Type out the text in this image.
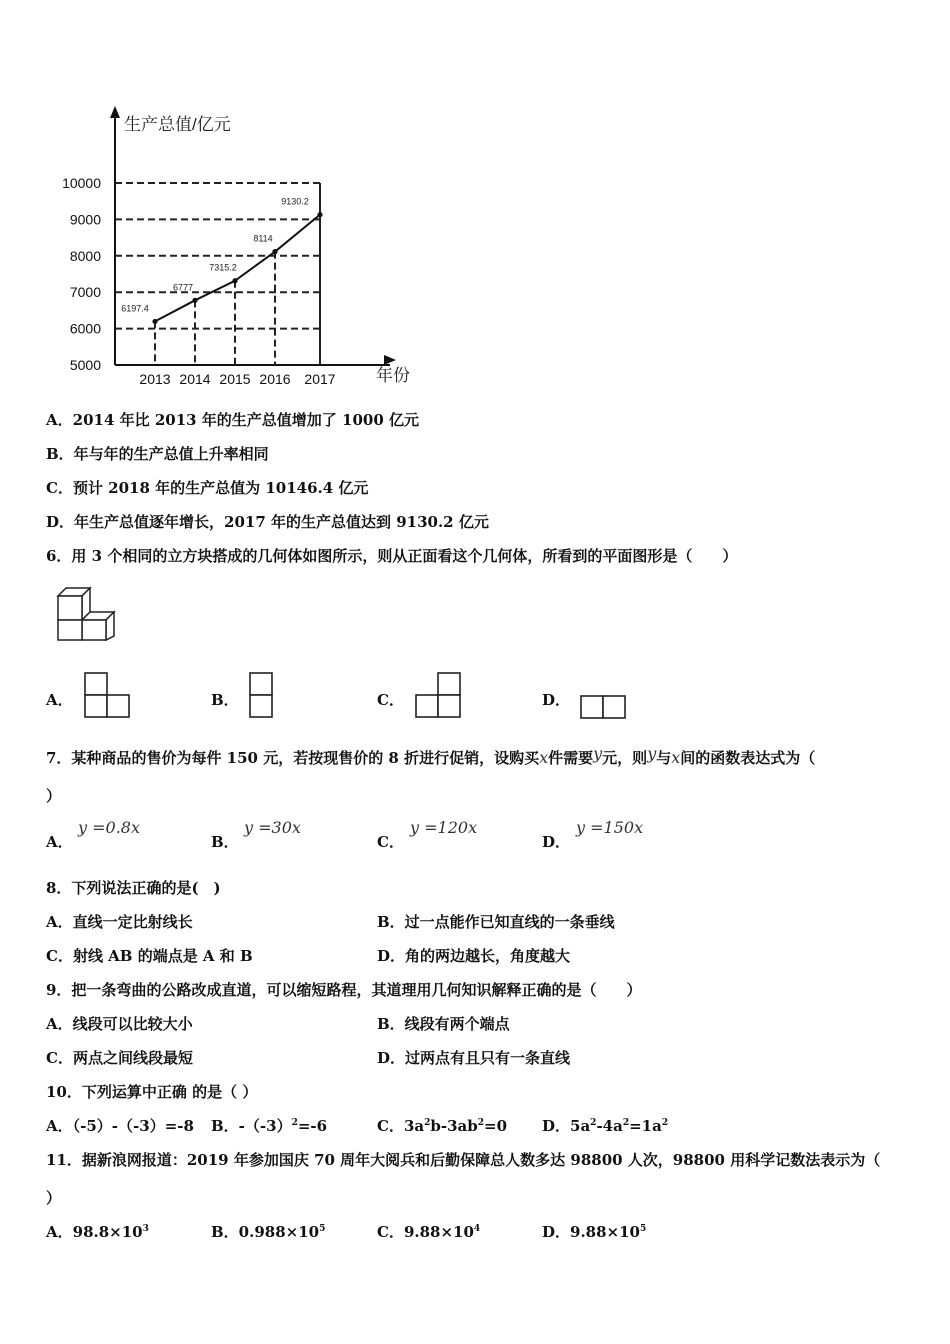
生产总值/亿元
年份
5000
6000
7000
8000
9000
10000
2013 2014 2015 2016 2017
6197.4
6777
7315.2
8114
9130.2
A．2014 年比 2013 年的生产总值增加了 1000 亿元
B．年与年的生产总值上升率相同
C．预计 2018 年的生产总值为 10146.4 亿元
D．年生产总值逐年增长，2017 年的生产总值达到 9130.2 亿元
6．用 3 个相同的立方块搭成的几何体如图所示，则从正面看这个几何体，所看到的平面图形是（　　）
A．	B．	C．	D．
7．某种商品的售价为每件 150 元，若按现售价的 8 折进行促销，设购买x件需要y元，则y与x间的函数表达式为（
）
A．
y =0.8x
B．
y =30x
C．
y =120x
D．
y =150x
8．下列说法正确的是(　)
A．直线一定比射线长	B．过一点能作已知直线的一条垂线
C．射线 AB 的端点是 A 和 B	D．角的两边越长，角度越大
9．把一条弯曲的公路改成直道，可以缩短路程，其道理用几何知识解释正确的是（　　）
A．线段可以比较大小	B．线段有两个端点
C．两点之间线段最短	D．过两点有且只有一条直线
10．下列运算中正确 的是（ ）
A．（-5）-（-3）=-8 B．$-(-3)^2=-6$	C．$3a^2b-3ab^2=0$ D．$5a^2-4a^2=1a^2$
11．据新浪网报道：2019 年参加国庆 70 周年大阅兵和后勤保障总人数多达 98800 人次，98800 用科学记数法表示为（
）
A．$98.8\times 10^3$	B．$0.988\times 10^5$	C．$9.88\times 10^4$	D．$9.88\times 10^5$
